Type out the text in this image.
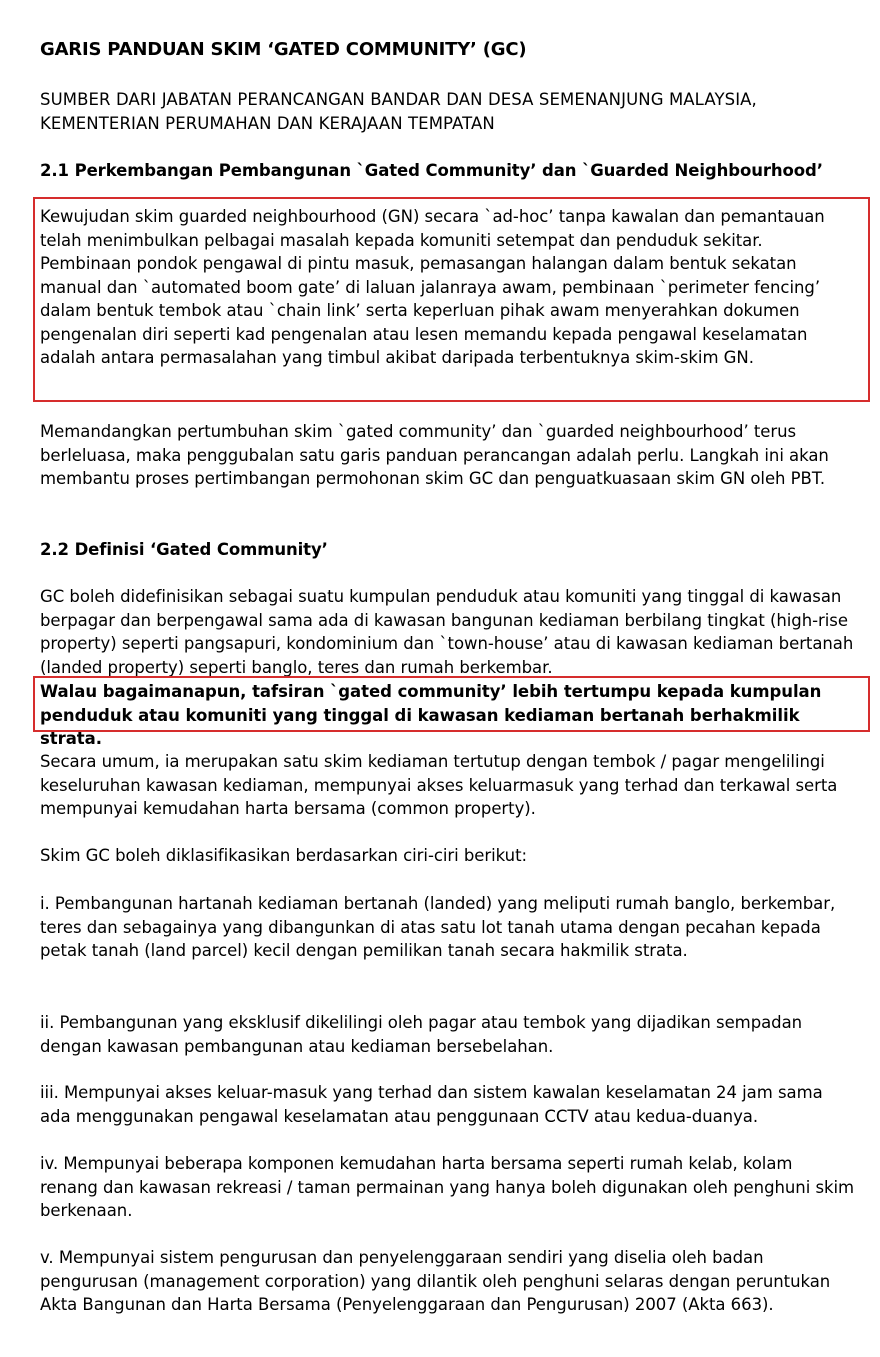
GARIS PANDUAN SKIM ‘GATED COMMUNITY’ (GC)
SUMBER DARI JABATAN PERANCANGAN BANDAR DAN DESA SEMENANJUNG MALAYSIA, KEMENTERIAN PERUMAHAN DAN KERAJAAN TEMPATAN
2.1 Perkembangan Pembangunan `Gated Community’ dan `Guarded Neighbourhood’

Kewujudan skim guarded neighbourhood (GN) secara `ad-hoc’ tanpa kawalan dan pemantauan telah menimbulkan pelbagai masalah kepada komuniti setempat dan penduduk sekitar. Pembinaan pondok pengawal di pintu masuk, pemasangan halangan dalam bentuk sekatan manual dan `automated boom gate’ di laluan jalanraya awam, pembinaan `perimeter fencing’ dalam bentuk tembok atau `chain link’ serta keperluan pihak awam menyerahkan dokumen pengenalan diri seperti kad pengenalan atau lesen memandu kepada pengawal keselamatan adalah antara permasalahan yang timbul akibat daripada terbentuknya skim-skim GN.

Memandangkan pertumbuhan skim `gated community’ dan `guarded neighbourhood’ terus berleluasa, maka penggubalan satu garis panduan perancangan adalah perlu. Langkah ini akan membantu proses pertimbangan permohonan skim GC dan penguatkuasaan skim GN oleh PBT.

2.2 Definisi ‘Gated Community’

GC boleh didefinisikan sebagai suatu kumpulan penduduk atau komuniti yang tinggal di kawasan berpagar dan berpengawal sama ada di kawasan bangunan kediaman berbilang tingkat (high-rise property) seperti pangsapuri, kondominium dan `town-house’ atau di kawasan kediaman bertanah (landed property) seperti banglo, teres dan rumah berkembar.

Walau bagaimanapun, tafsiran `gated community’ lebih tertumpu kepada kumpulan penduduk atau komuniti yang tinggal di kawasan kediaman bertanah berhakmilik strata.

Secara umum, ia merupakan satu skim kediaman tertutup dengan tembok / pagar mengelilingi keseluruhan kawasan kediaman, mempunyai akses keluarmasuk yang terhad dan terkawal serta mempunyai kemudahan harta bersama (common property).

Skim GC boleh diklasifikasikan berdasarkan ciri-ciri berikut:

i. Pembangunan hartanah kediaman bertanah (landed) yang meliputi rumah banglo, berkembar, teres dan sebagainya yang dibangunkan di atas satu lot tanah utama dengan pecahan kepada petak tanah (land parcel) kecil dengan pemilikan tanah secara hakmilik strata.

ii. Pembangunan yang eksklusif dikelilingi oleh pagar atau tembok yang dijadikan sempadan dengan kawasan pembangunan atau kediaman bersebelahan.

iii. Mempunyai akses keluar-masuk yang terhad dan sistem kawalan keselamatan 24 jam sama ada menggunakan pengawal keselamatan atau penggunaan CCTV atau kedua-duanya.

iv. Mempunyai beberapa komponen kemudahan harta bersama seperti rumah kelab, kolam renang dan kawasan rekreasi / taman permainan yang hanya boleh digunakan oleh penghuni skim berkenaan.

v. Mempunyai sistem pengurusan dan penyelenggaraan sendiri yang diselia oleh badan pengurusan (management corporation) yang dilantik oleh penghuni selaras dengan peruntukan Akta Bangunan dan Harta Bersama (Penyelenggaraan dan Pengurusan) 2007 (Akta 663).
